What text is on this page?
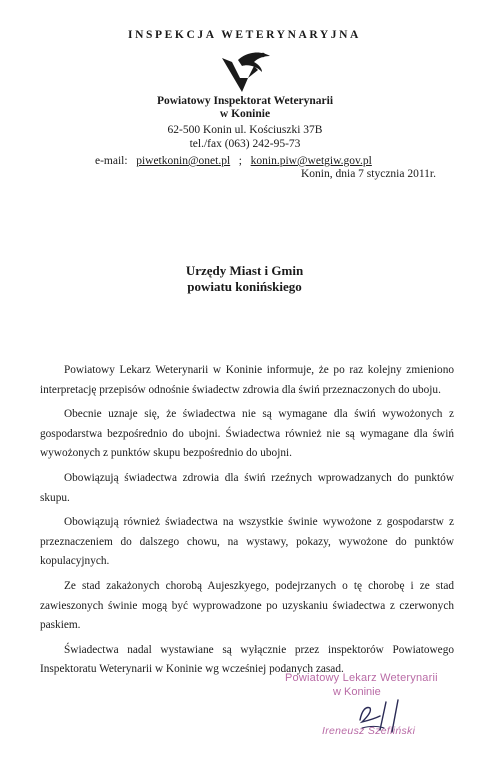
INSPEKCJA WETERYNARYJNA
Powiatowy Inspektorat Weterynarii
w Koninie
62-500 Konin ul. Kościuszki 37B
tel./fax (063) 242-95-73
e-mail: piwetkonin@onet.pl ; konin.piw@wetgiw.gov.pl
Konin, dnia 7 stycznia 2011r.
Urzędy Miast i Gmin
powiatu konińskiego

Powiatowy Lekarz Weterynarii w Koninie informuje, że po raz kolejny zmieniono interpretację przepisów odnośnie świadectw zdrowia dla świń przeznaczonych do uboju.

Obecnie uznaje się, że świadectwa nie są wymagane dla świń wywożonych z gospodarstwa bezpośrednio do ubojni. Świadectwa również nie są wymagane dla świń wywożonych z punktów skupu bezpośrednio do ubojni.

Obowiązują świadectwa zdrowia dla świń rzeźnych wprowadzanych do punktów skupu.

Obowiązują również świadectwa na wszystkie świnie wywożone z gospodarstw z przeznaczeniem do dalszego chowu, na wystawy, pokazy, wywożone do punktów kopulacyjnych.

Ze stad zakażonych chorobą Aujeszkyego, podejrzanych o tę chorobę i ze stad zawieszonych świnie mogą być wyprowadzone po uzyskaniu świadectwa z czerwonych paskiem.

Świadectwa nadal wystawiane są wyłącznie przez inspektorów Powiatowego Inspektoratu Weterynarii w Koninie wg wcześniej podanych zasad.

Powiatowy Lekarz Weterynarii
w Koninie
Ireneusz Szefliński
